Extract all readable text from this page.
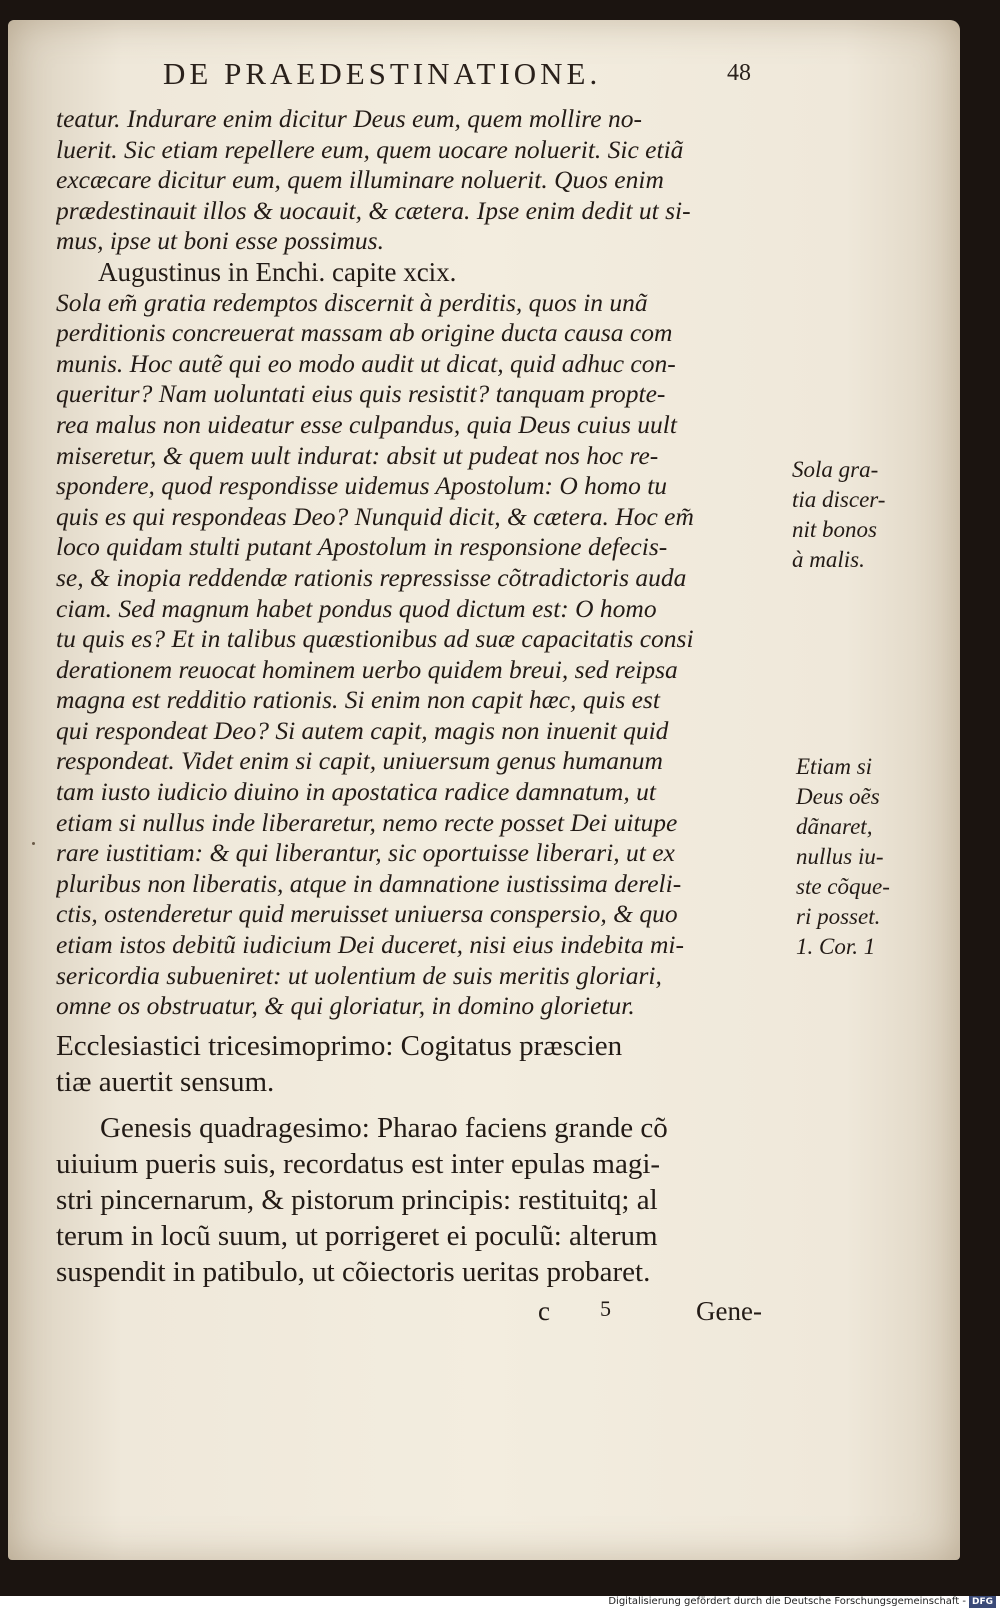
DE PRAEDESTINATIONE.	48
teatur. Indurare enim dicitur Deus eum, quem mollire no-
luerit. Sic etiam repellere eum, quem uocare noluerit. Sic etiã
excæcare dicitur eum, quem illuminare noluerit. Quos enim
prædestinauit illos & uocauit, & cætera. Ipse enim dedit ut si-
mus, ipse ut boni esse possimus.
Augustinus in Enchi. capite xcix.
Sola em̃ gratia redemptos discernit à perditis, quos in unã
perditionis concreuerat massam ab origine ducta causa com
munis. Hoc autẽ qui eo modo audit ut dicat, quid adhuc con-
queritur? Nam uoluntati eius quis resistit? tanquam propte-
rea malus non uideatur esse culpandus, quia Deus cuius uult
miseretur, & quem uult indurat: absit ut pudeat nos hoc re-
spondere, quod respondisse uidemus Apostolum: O homo tu
quis es qui respondeas Deo? Nunquid dicit, & cætera. Hoc em̃
loco quidam stulti putant Apostolum in responsione defecis-
se, & inopia reddendæ rationis repressisse cõtradictoris auda
ciam. Sed magnum habet pondus quod dictum est: O homo
tu quis es? Et in talibus quæstionibus ad suæ capacitatis consi
derationem reuocat hominem uerbo quidem breui, sed reipsa
magna est redditio rationis. Si enim non capit hæc, quis est
qui respondeat Deo? Si autem capit, magis non inuenit quid
respondeat. Videt enim si capit, uniuersum genus humanum
tam iusto iudicio diuino in apostatica radice damnatum, ut
etiam si nullus inde liberaretur, nemo recte posset Dei uitupe
rare iustitiam: & qui liberantur, sic oportuisse liberari, ut ex
pluribus non liberatis, atque in damnatione iustissima dereli-
ctis, ostenderetur quid meruisset uniuersa conspersio, & quo
etiam istos debitũ iudicium Dei duceret, nisi eius indebita mi-
sericordia subueniret: ut uolentium de suis meritis gloriari,
omne os obstruatur, & qui gloriatur, in domino glorietur.
Ecclesiastici tricesimoprimo: Cogitatus præscien
tiæ auertit sensum.
Genesis quadragesimo: Pharao faciens grande cõ
uiuium pueris suis, recordatus est inter epulas magi-
stri pincernarum, & pistorum principis: restituitq; al
terum in locũ suum, ut porrigeret ei poculũ: alterum
suspendit in patibulo, ut cõiectoris ueritas probaret.
Sola gra-
tia discer-
nit bonos
à malis.
Etiam si
Deus oẽs
dãnaret,
nullus iu-
ste cõque-
ri posset.
1. Cor. 1
c 5	Gene-
Digitalisierung gefördert durch die Deutsche Forschungsgemeinschaft - DFG
